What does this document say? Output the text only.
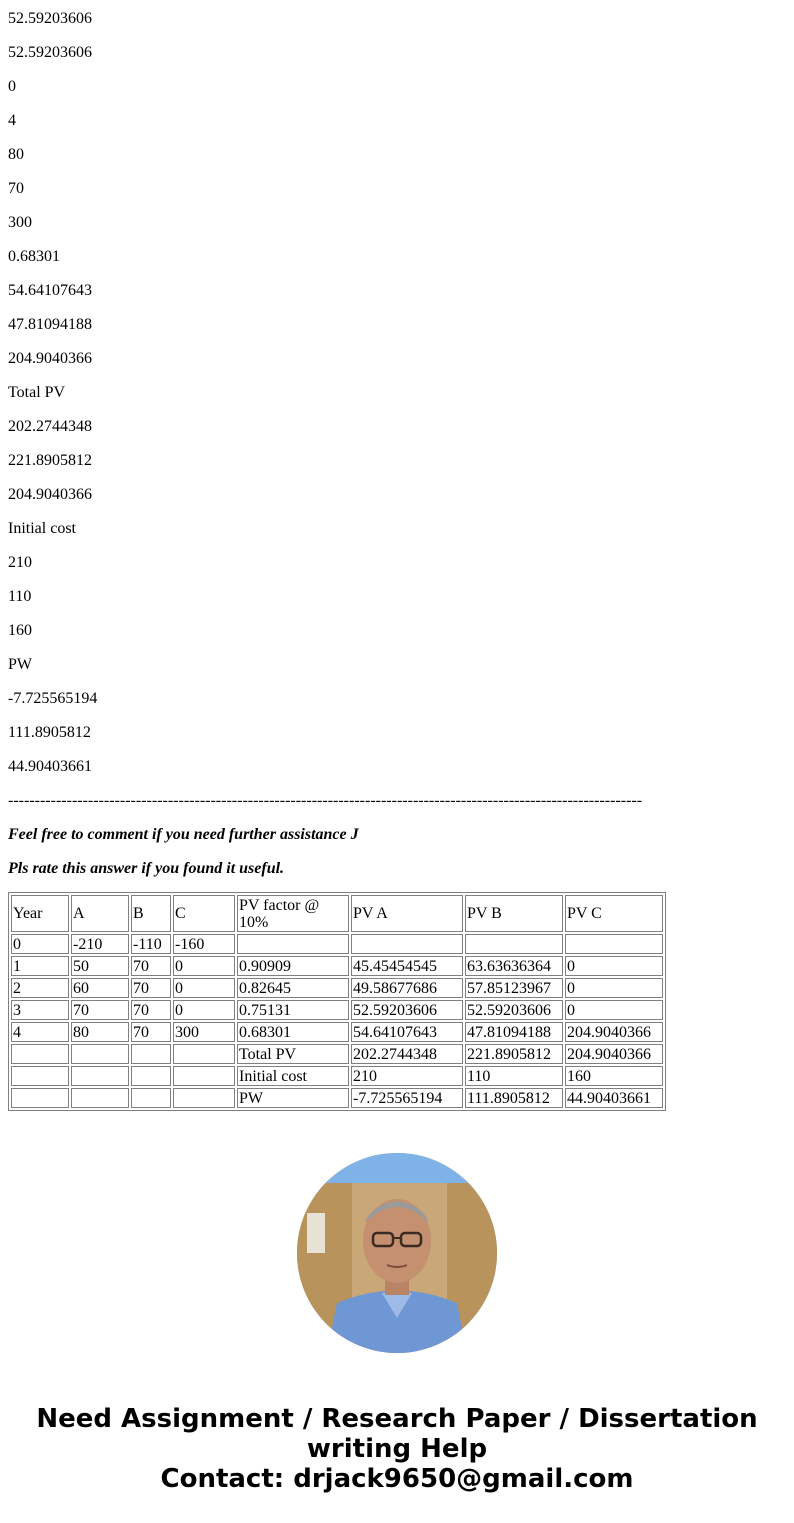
52.59203606
52.59203606
0
4
80
70
300
0.68301
54.64107643
47.81094188
204.9040366
Total PV
202.2744348
221.8905812
204.9040366
Initial cost
210
110
160
PW
-7.725565194
111.8905812
44.90403661
-----------------------------------------------------------------------------------------------------------------------
Feel free to comment if you need further assistance J
Pls rate this answer if you found it useful.
Year	A	B	C	PV factor @ 10%	PV A	PV B	PV C
0	-210	-110	-160				
1	50	70	0	0.90909	45.45454545	63.63636364	0
2	60	70	0	0.82645	49.58677686	57.85123967	0
3	70	70	0	0.75131	52.59203606	52.59203606	0
4	80	70	300	0.68301	54.64107643	47.81094188	204.9040366
				Total PV	202.2744348	221.8905812	204.9040366
				Initial cost	210	110	160
				PW	-7.725565194	111.8905812	44.90403661
Need Assignment / Research Paper / Dissertation
writing Help
Contact: drjack9650@gmail.com
